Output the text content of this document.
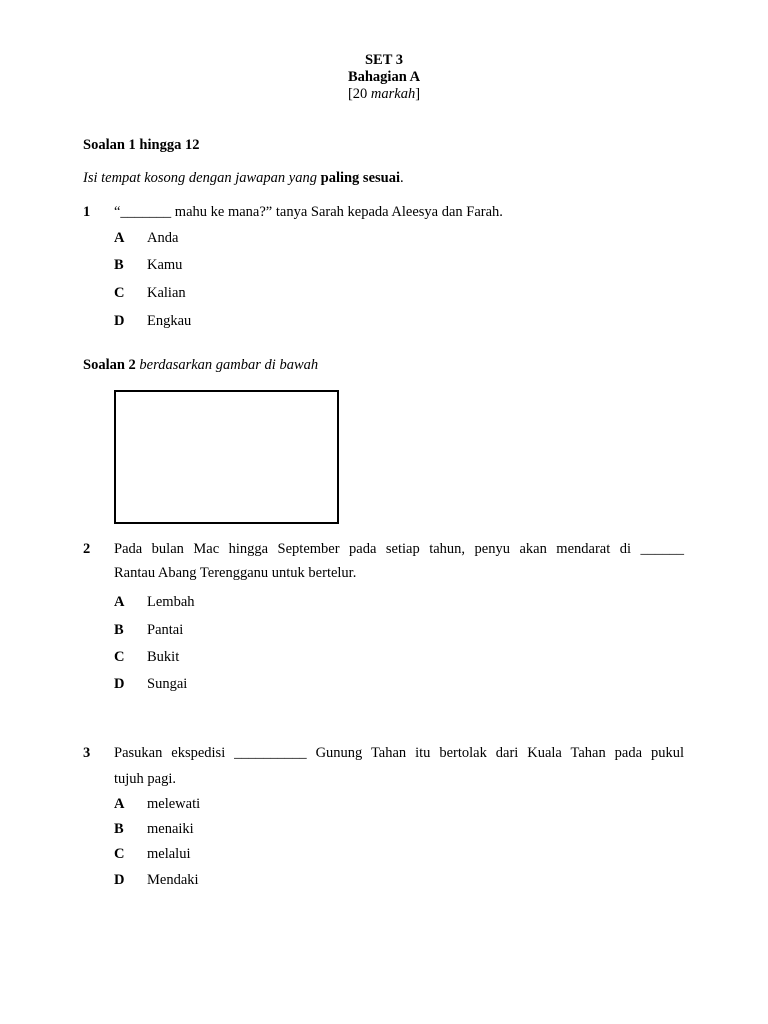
SET 3
Bahagian A
[20 markah]
Soalan 1 hingga 12
Isi tempat kosong dengan jawapan yang paling sesuai.
1 “_______ mahu ke mana?” tanya Sarah kepada Aleesya dan Farah.
A Anda
B Kamu
C Kalian
D Engkau
Soalan 2 berdasarkan gambar di bawah
2 Pada bulan Mac hingga September pada setiap tahun, penyu akan mendarat di ______
Rantau Abang Terengganu untuk bertelur.
A Lembah
B Pantai
C Bukit
D Sungai
3 Pasukan ekspedisi __________ Gunung Tahan itu bertolak dari Kuala Tahan pada pukul
tujuh pagi.
A melewati
B menaiki
C melalui
D Mendaki
